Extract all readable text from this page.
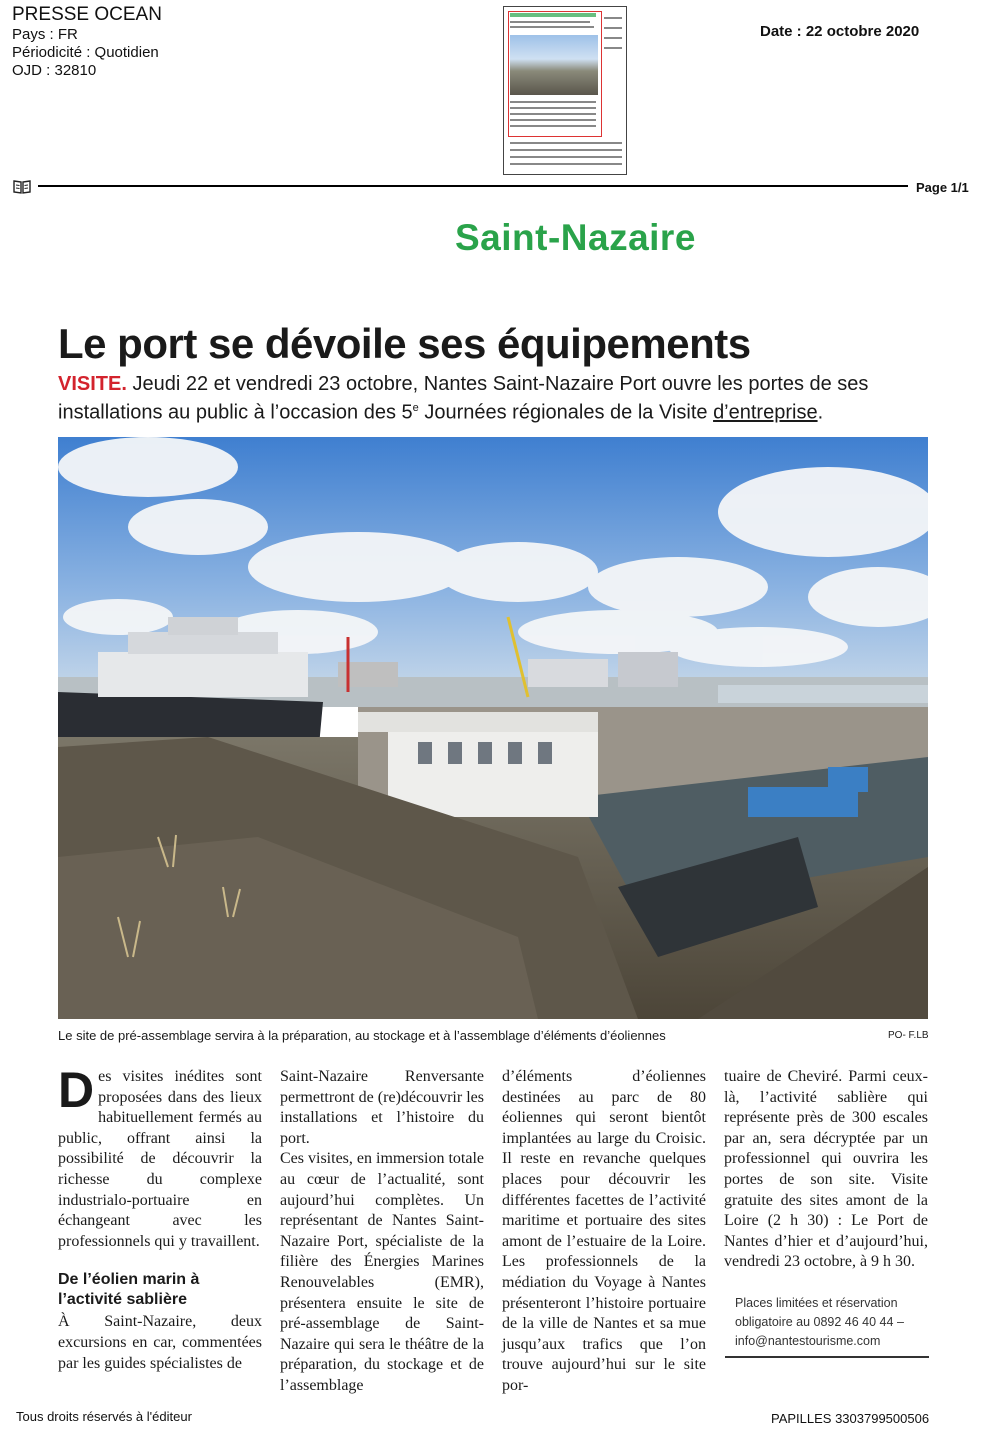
PRESSE OCEAN
Pays : FR
Périodicité : Quotidien
OJD : 32810
Date : 22 octobre 2020
Page 1/1
Saint-Nazaire
Le port se dévoile ses équipements
VISITE. Jeudi 22 et vendredi 23 octobre, Nantes Saint-Nazaire Port ouvre les portes de ses installations au public à l’occasion des 5e Journées régionales de la Visite d’entreprise.
Le site de pré-assemblage servira à la préparation, au stockage et à l’assemblage d’éléments d’éoliennes	PO- F.LB

Des visites inédites sont proposées dans des lieux habituellement fermés au public, offrant ainsi la possibilité de découvrir la richesse du complexe industrialo-portuaire en échangeant avec les professionnels qui y travaillent.

De l’éolien marin à l’activité sablière

À Saint-Nazaire, deux excursions en car, commentées par les guides spécialistes de

Saint-Nazaire Renversante permettront de (re)découvrir les installations et l’histoire du port.

Ces visites, en immersion totale au cœur de l’actualité, sont aujourd’hui complètes. Un représentant de Nantes Saint-Nazaire Port, spécialiste de la filière des Énergies Marines Renouvelables (EMR), présentera ensuite le site de pré-assemblage de Saint-Nazaire qui sera le théâtre de la préparation, du stockage et de l’assemblage

d’éléments d’éoliennes destinées au parc de 80 éoliennes qui seront bientôt implantées au large du Croisic. Il reste en revanche quelques places pour découvrir les différentes facettes de l’activité maritime et portuaire des sites amont de l’estuaire de la Loire. Les professionnels de la médiation du Voyage à Nantes présenteront l’histoire portuaire de la ville de Nantes et sa mue jusqu’aux trafics que l’on trouve aujourd’hui sur le site por-

tuaire de Cheviré. Parmi ceux-là, l’activité sablière qui représente près de 300 escales par an, sera décryptée par un professionnel qui ouvrira les portes de son site. Visite gratuite des sites amont de la Loire (2 h 30) : Le Port de Nantes d’hier et d’aujourd’hui, vendredi 23 octobre, à 9 h 30.

Places limitées et réservation obligatoire au 0892 46 40 44 – info@nantestourisme.com
Tous droits réservés à l'éditeur	PAPILLES 3303799500506
